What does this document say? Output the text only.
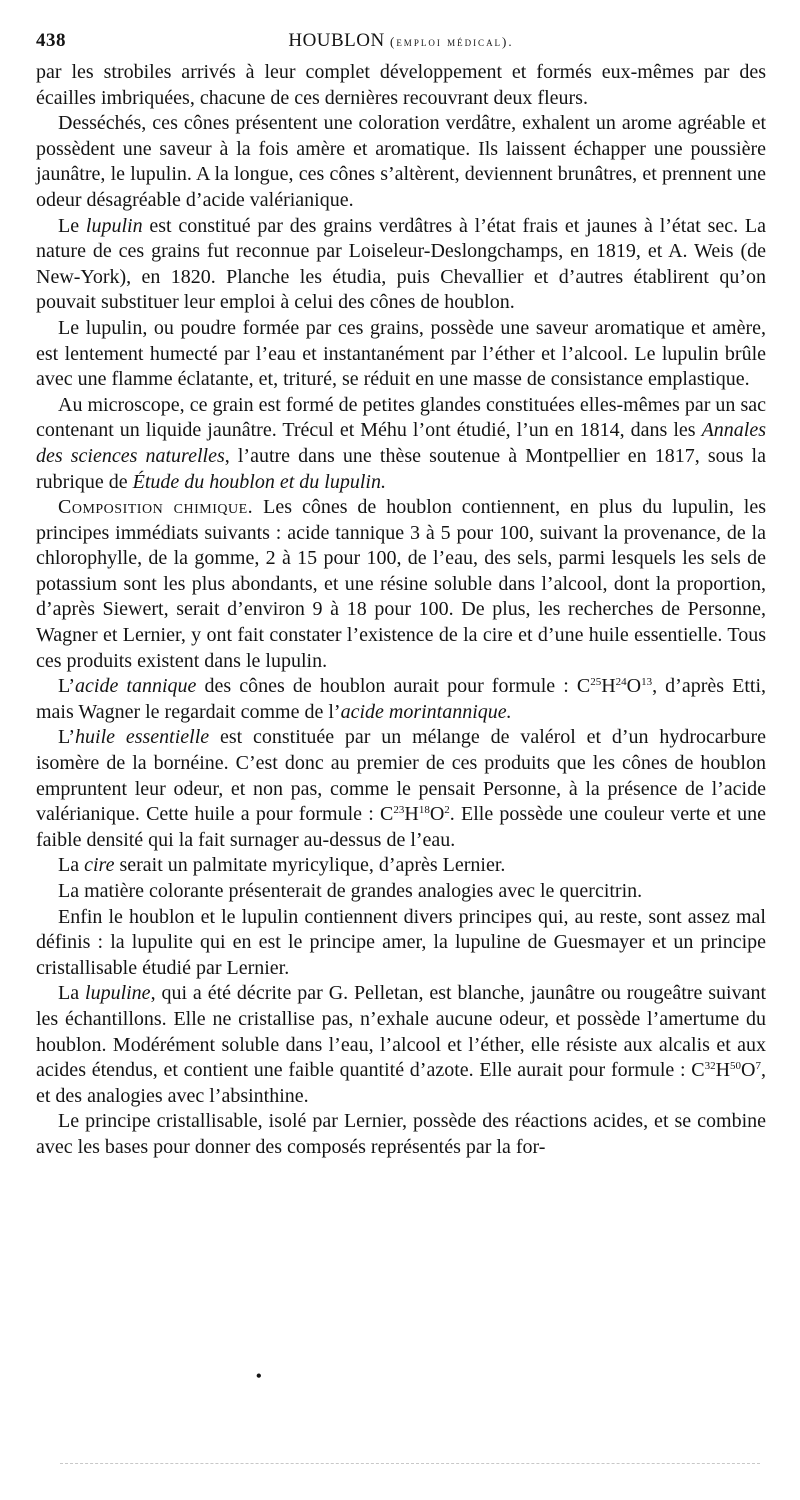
438	HOUBLON (emploi médical).

par les strobiles arrivés à leur complet développement et formés eux-mêmes par des écailles imbriquées, chacune de ces dernières recouvrant deux fleurs.

Desséchés, ces cônes présentent une coloration verdâtre, exhalent un arome agréable et possèdent une saveur à la fois amère et aromatique. Ils laissent échapper une poussière jaunâtre, le lupulin. A la longue, ces cônes s’altèrent, deviennent brunâtres, et prennent une odeur désagréable d’acide valérianique.

Le lupulin est constitué par des grains verdâtres à l’état frais et jaunes à l’état sec. La nature de ces grains fut reconnue par Loiseleur-Deslongchamps, en 1819, et A. Weis (de New-York), en 1820. Planche les étudia, puis Chevallier et d’autres établirent qu’on pouvait substituer leur emploi à celui des cônes de houblon.

Le lupulin, ou poudre formée par ces grains, possède une saveur aromatique et amère, est lentement humecté par l’eau et instantanément par l’éther et l’alcool. Le lupulin brûle avec une flamme éclatante, et, trituré, se réduit en une masse de consistance emplastique.

Au microscope, ce grain est formé de petites glandes constituées elles-mêmes par un sac contenant un liquide jaunâtre. Trécul et Méhu l’ont étudié, l’un en 1814, dans les Annales des sciences naturelles, l’autre dans une thèse soutenue à Montpellier en 1817, sous la rubrique de Étude du houblon et du lupulin.

Composition chimique. Les cônes de houblon contiennent, en plus du lupulin, les principes immédiats suivants : acide tannique 3 à 5 pour 100, suivant la provenance, de la chlorophylle, de la gomme, 2 à 15 pour 100, de l’eau, des sels, parmi lesquels les sels de potassium sont les plus abondants, et une résine soluble dans l’alcool, dont la proportion, d’après Siewert, serait d’environ 9 à 18 pour 100. De plus, les recherches de Personne, Wagner et Lernier, y ont fait constater l’existence de la cire et d’une huile essentielle. Tous ces produits existent dans le lupulin.

L’acide tannique des cônes de houblon aurait pour formule : $C^{25}H^{24}O^{13}$, d’après Etti, mais Wagner le regardait comme de l’acide morintannique.

L’huile essentielle est constituée par un mélange de valérol et d’un hydrocarbure isomère de la bornéine. C’est donc au premier de ces produits que les cônes de houblon empruntent leur odeur, et non pas, comme le pensait Personne, à la présence de l’acide valérianique. Cette huile a pour formule : $C^{23}H^{18}O^2$. Elle possède une couleur verte et une faible densité qui la fait surnager au-dessus de l’eau.

La cire serait un palmitate myricylique, d’après Lernier.

La matière colorante présenterait de grandes analogies avec le quercitrin.

Enfin le houblon et le lupulin contiennent divers principes qui, au reste, sont assez mal définis : la lupulite qui en est le principe amer, la lupuline de Guesmayer et un principe cristallisable étudié par Lernier.

La lupuline, qui a été décrite par G. Pelletan, est blanche, jaunâtre ou rougeâtre suivant les échantillons. Elle ne cristallise pas, n’exhale aucune odeur, et possède l’amertume du houblon. Modérément soluble dans l’eau, l’alcool et l’éther, elle résiste aux alcalis et aux acides étendus, et contient une faible quantité d’azote. Elle aurait pour formule : $C^{32}H^{50}O^7$, et des analogies avec l’absinthine.

Le principe cristallisable, isolé par Lernier, possède des réactions acides, et se combine avec les bases pour donner des composés représentés par la for-

•
